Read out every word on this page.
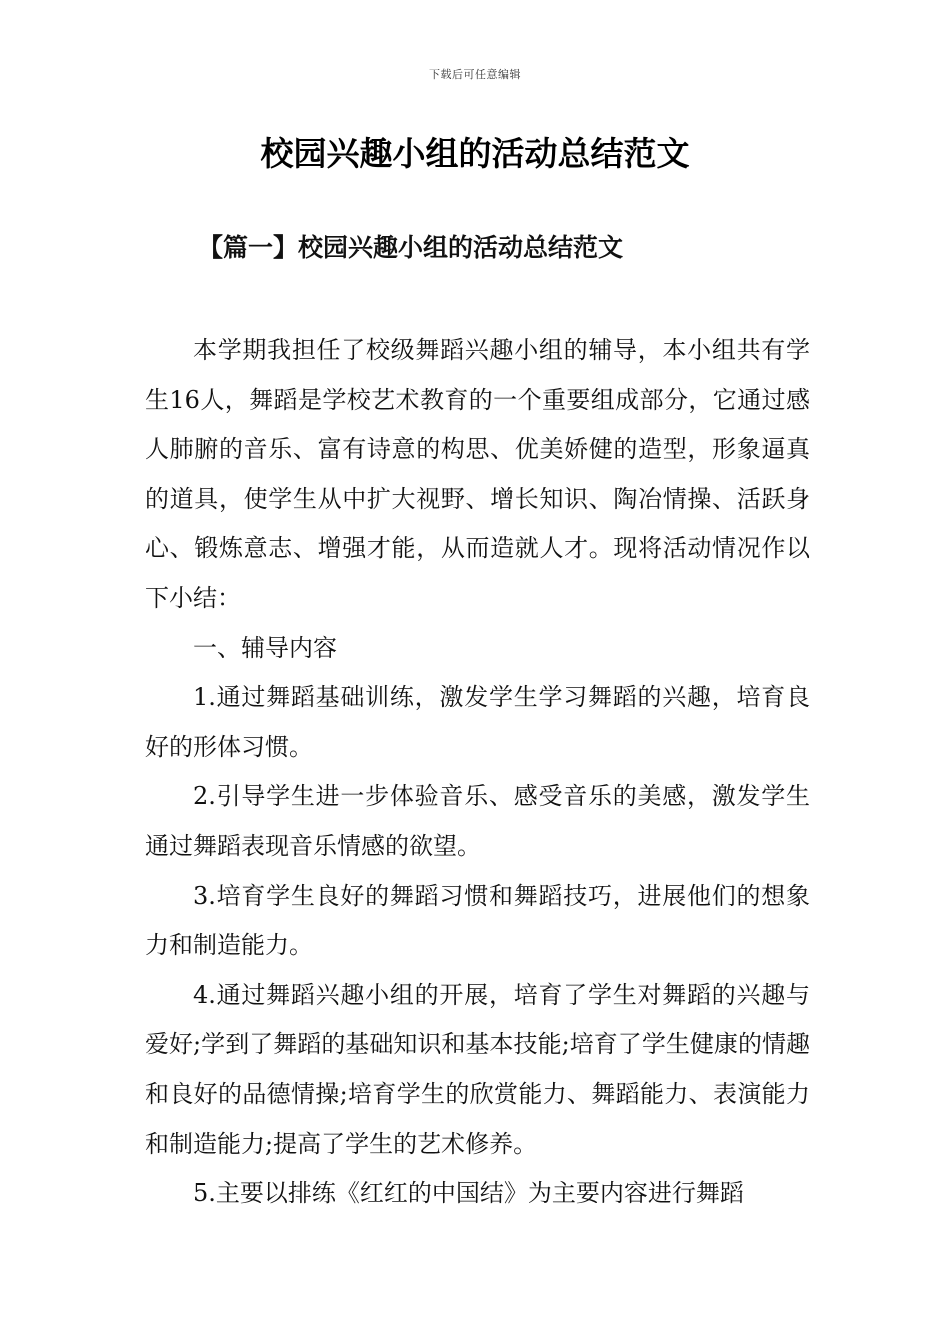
下载后可任意编辑
校园兴趣小组的活动总结范文
【篇一】校园兴趣小组的活动总结范文

本学期我担任了校级舞蹈兴趣小组的辅导，本小组共有学生16人，舞蹈是学校艺术教育的一个重要组成部分，它通过感人肺腑的音乐、富有诗意的构思、优美娇健的造型，形象逼真的道具，使学生从中扩大视野、增长知识、陶冶情操、活跃身心、锻炼意志、增强才能，从而造就人才。现将活动情况作以下小结：

一、辅导内容

1.通过舞蹈基础训练，激发学生学习舞蹈的兴趣，培育良好的形体习惯。

2.引导学生进一步体验音乐、感受音乐的美感，激发学生通过舞蹈表现音乐情感的欲望。

3.培育学生良好的舞蹈习惯和舞蹈技巧，进展他们的想象力和制造能力。

4.通过舞蹈兴趣小组的开展，培育了学生对舞蹈的兴趣与爱好;学到了舞蹈的基础知识和基本技能;培育了学生健康的情趣和良好的品德情操;培育学生的欣赏能力、舞蹈能力、表演能力和制造能力;提高了学生的艺术修养。

5.主要以排练《红红的中国结》为主要内容进行舞蹈
